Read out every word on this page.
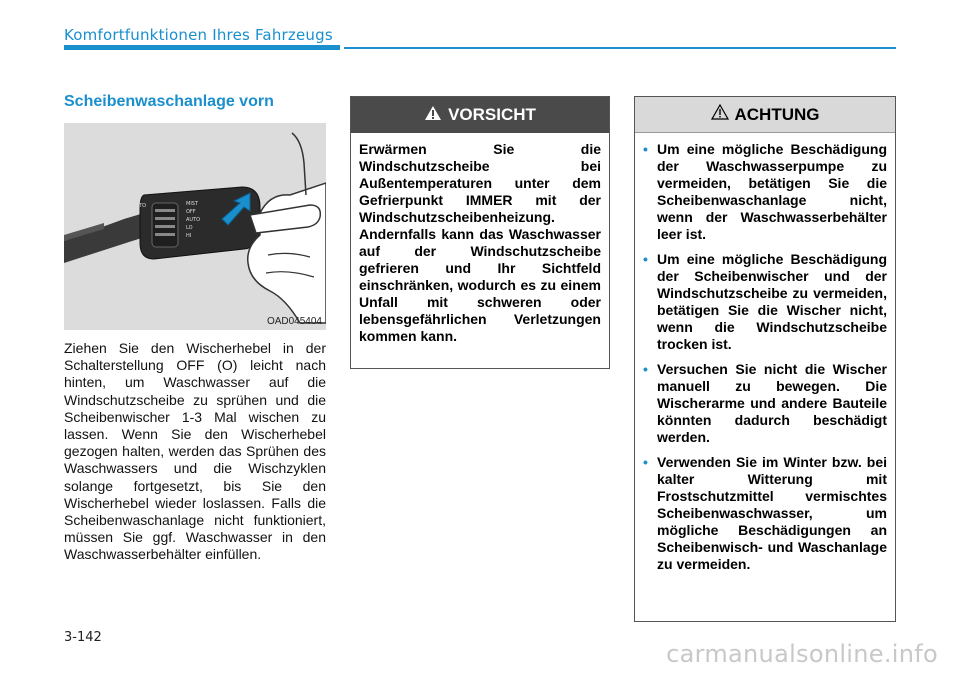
Komfortfunktionen Ihres Fahrzeugs
Scheibenwaschanlage vorn
AUTO	MIST
OFF
AUTO
LO
HI
OAD045404
Ziehen Sie den Wischerhebel in der Schalterstellung OFF (O) leicht nach hinten, um Waschwasser auf die Windschutzscheibe zu sprühen und die Scheibenwischer 1-3 Mal wischen zu lassen. Wenn Sie den Wischerhebel gezogen halten, werden das Sprühen des Waschwassers und die Wischzyklen solange fortgesetzt, bis Sie den Wischerhebel wieder loslassen. Falls die Scheibenwaschanlage nicht funktioniert, müssen Sie ggf. Waschwasser in den Waschwasserbehälter einfüllen.
VORSICHT
Erwärmen Sie die Windschutzscheibe bei Außentemperaturen unter dem Gefrierpunkt IMMER mit der Windschutzscheibenheizung. Andernfalls kann das Waschwasser auf der Windschutzscheibe gefrieren und Ihr Sichtfeld einschränken, wodurch es zu einem Unfall mit schweren oder lebensgefährlichen Verletzungen kommen kann.
ACHTUNG
• Um eine mögliche Beschädigung der Waschwasserpumpe zu vermeiden, betätigen Sie die Scheibenwaschanlage nicht, wenn der Waschwasserbehälter leer ist.
• Um eine mögliche Beschädigung der Scheibenwischer und der Windschutzscheibe zu vermeiden, betätigen Sie die Wischer nicht, wenn die Windschutzscheibe trocken ist.
• Versuchen Sie nicht die Wischer manuell zu bewegen. Die Wischerarme und andere Bauteile könnten dadurch beschädigt werden.
• Verwenden Sie im Winter bzw. bei kalter Witterung mit Frostschutzmittel vermischtes Scheibenwaschwasser, um mögliche Beschädigungen an Scheibenwisch- und Waschanlage zu vermeiden.
3-142
carmanualsonline.info
